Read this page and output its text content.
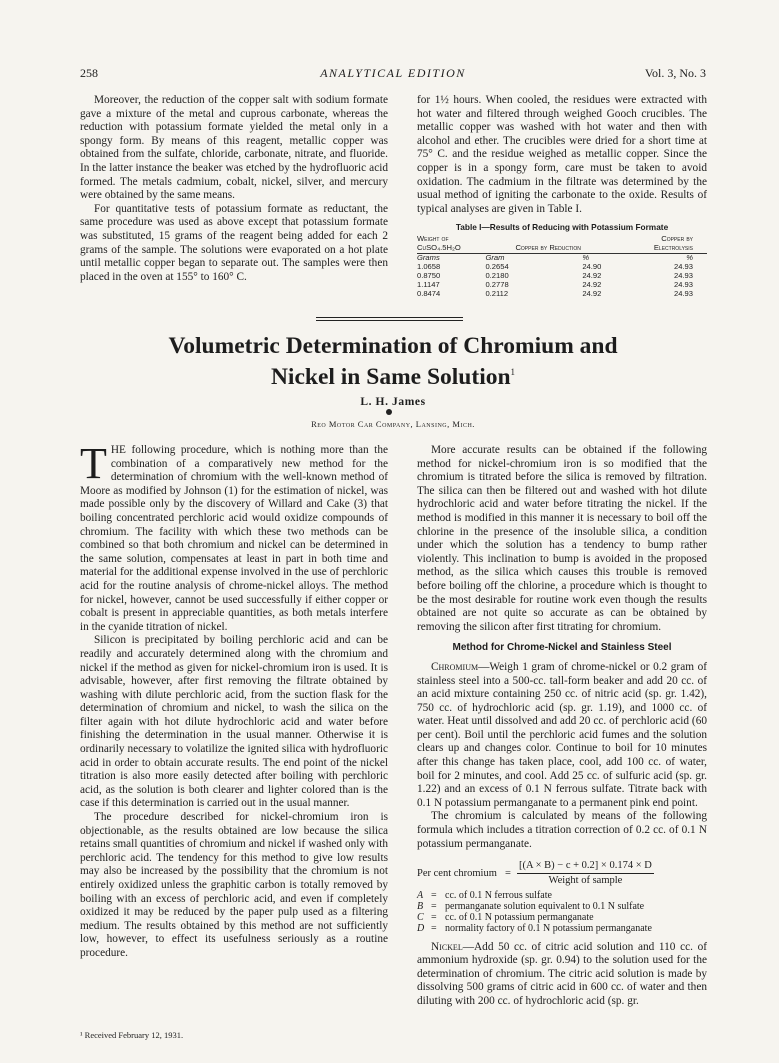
258	ANALYTICAL EDITION	Vol. 3, No. 3

Moreover, the reduction of the copper salt with sodium formate gave a mixture of the metal and cuprous carbonate, whereas the reduction with potassium formate yielded the metal only in a spongy form. By means of this reagent, metallic copper was obtained from the sulfate, chloride, carbonate, nitrate, and fluoride. In the latter instance the beaker was etched by the hydrofluoric acid formed. The metals cadmium, cobalt, nickel, silver, and mercury were obtained by the same means.

For quantitative tests of potassium formate as reductant, the same procedure was used as above except that potassium formate was substituted, 15 grams of the reagent being added for each 2 grams of the sample. The solutions were evaporated on a hot plate until metallic copper began to separate out. The samples were then placed in the oven at 155° to 160° C.

for 1½ hours. When cooled, the residues were extracted with hot water and filtered through weighed Gooch crucibles. The metallic copper was washed with hot water and then with alcohol and ether. The crucibles were dried for a short time at 75° C. and the residue weighed as metallic copper. Since the copper is in a spongy form, care must be taken to avoid oxidation. The cadmium in the filtrate was determined by the usual method of igniting the carbonate to the oxide. Results of typical analyses are given in Table I.

Table I—Results of Reducing with Potassium Formate
Weight of CuSO₄.5H₂O	Copper by Reduction		Copper by Electrolysis
Grams	Gram	%	%
1.0658	0.2654	24.90	24.93
0.8750	0.2180	24.92	24.93
1.1147	0.2778	24.92	24.93
0.8474	0.2112	24.92	24.93
Volumetric Determination of Chromium and
Nickel in Same Solution$^1$
L. H. James
Reo Motor Car Company, Lansing, Mich.

THE following procedure, which is nothing more than the combination of a comparatively new method for the determination of chromium with the well-known method of Moore as modified by Johnson (1) for the estimation of nickel, was made possible only by the discovery of Willard and Cake (3) that boiling concentrated perchloric acid would oxidize compounds of chromium. The facility with which these two methods can be combined so that both chromium and nickel can be determined in the same solution, compensates at least in part in both time and material for the additional expense involved in the use of perchloric acid for the routine analysis of chrome-nickel alloys. The method for nickel, however, cannot be used successfully if either copper or cobalt is present in appreciable quantities, as both metals interfere in the cyanide titration of nickel.

Silicon is precipitated by boiling perchloric acid and can be readily and accurately determined along with the chromium and nickel if the method as given for nickel-chromium iron is used. It is advisable, however, after first removing the filtrate obtained by washing with dilute perchloric acid, from the suction flask for the determination of chromium and nickel, to wash the silica on the filter again with hot dilute hydrochloric acid and water before finishing the determination in the usual manner. Otherwise it is ordinarily necessary to volatilize the ignited silica with hydrofluoric acid in order to obtain accurate results. The end point of the nickel titration is also more easily detected after boiling with perchloric acid, as the solution is both clearer and lighter colored than is the case if this determination is carried out in the usual manner.

The procedure described for nickel-chromium iron is objectionable, as the results obtained are low because the silica retains small quantities of chromium and nickel if washed only with perchloric acid. The tendency for this method to give low results may also be increased by the possibility that the chromium is not entirely oxidized unless the graphitic carbon is totally removed by boiling with an excess of perchloric acid, and even if completely oxidized it may be reduced by the paper pulp used as a filtering medium. The results obtained by this method are not sufficiently low, however, to effect its usefulness seriously as a routine procedure.

More accurate results can be obtained if the following method for nickel-chromium iron is so modified that the chromium is titrated before the silica is removed by filtration. The silica can then be filtered out and washed with hot dilute hydrochloric acid and water before titrating the nickel. If the method is modified in this manner it is necessary to boil off the chlorine in the presence of the insoluble silica, a condition under which the solution has a tendency to bump rather violently. This inclination to bump is avoided in the proposed method, as the silica which causes this trouble is removed before boiling off the chlorine, a procedure which is thought to be the most desirable for routine work even though the results obtained are not quite so accurate as can be obtained by removing the silicon after first titrating for chromium.

Method for Chrome-Nickel and Stainless Steel

Chromium—Weigh 1 gram of chrome-nickel or 0.2 gram of stainless steel into a 500-cc. tall-form beaker and add 20 cc. of an acid mixture containing 250 cc. of nitric acid (sp. gr. 1.42), 750 cc. of hydrochloric acid (sp. gr. 1.19), and 1000 cc. of water. Heat until dissolved and add 20 cc. of perchloric acid (60 per cent). Boil until the perchloric acid fumes and the solution clears up and changes color. Continue to boil for 10 minutes after this change has taken place, cool, add 100 cc. of water, boil for 2 minutes, and cool. Add 25 cc. of sulfuric acid (sp. gr. 1.22) and an excess of 0.1 N ferrous sulfate. Titrate back with 0.1 N potassium permanganate to a permanent pink end point.

The chromium is calculated by means of the following formula which includes a titration correction of 0.2 cc. of 0.1 N potassium permanganate.

Per cent chromium = $\frac{[(A \times B) - c + 0.2] \times 0.174 \times D}{\text{Weight of sample}}$
A = cc. of 0.1 N ferrous sulfate
B = permanganate solution equivalent to 0.1 N sulfate
C = cc. of 0.1 N potassium permanganate
D = normality factory of 0.1 N potassium permanganate

Nickel—Add 50 cc. of citric acid solution and 110 cc. of ammonium hydroxide (sp. gr. 0.94) to the solution used for the determination of chromium. The citric acid solution is made by dissolving 500 grams of citric acid in 600 cc. of water and then diluting with 200 cc. of hydrochloric acid (sp. gr.

¹ Received February 12, 1931.
